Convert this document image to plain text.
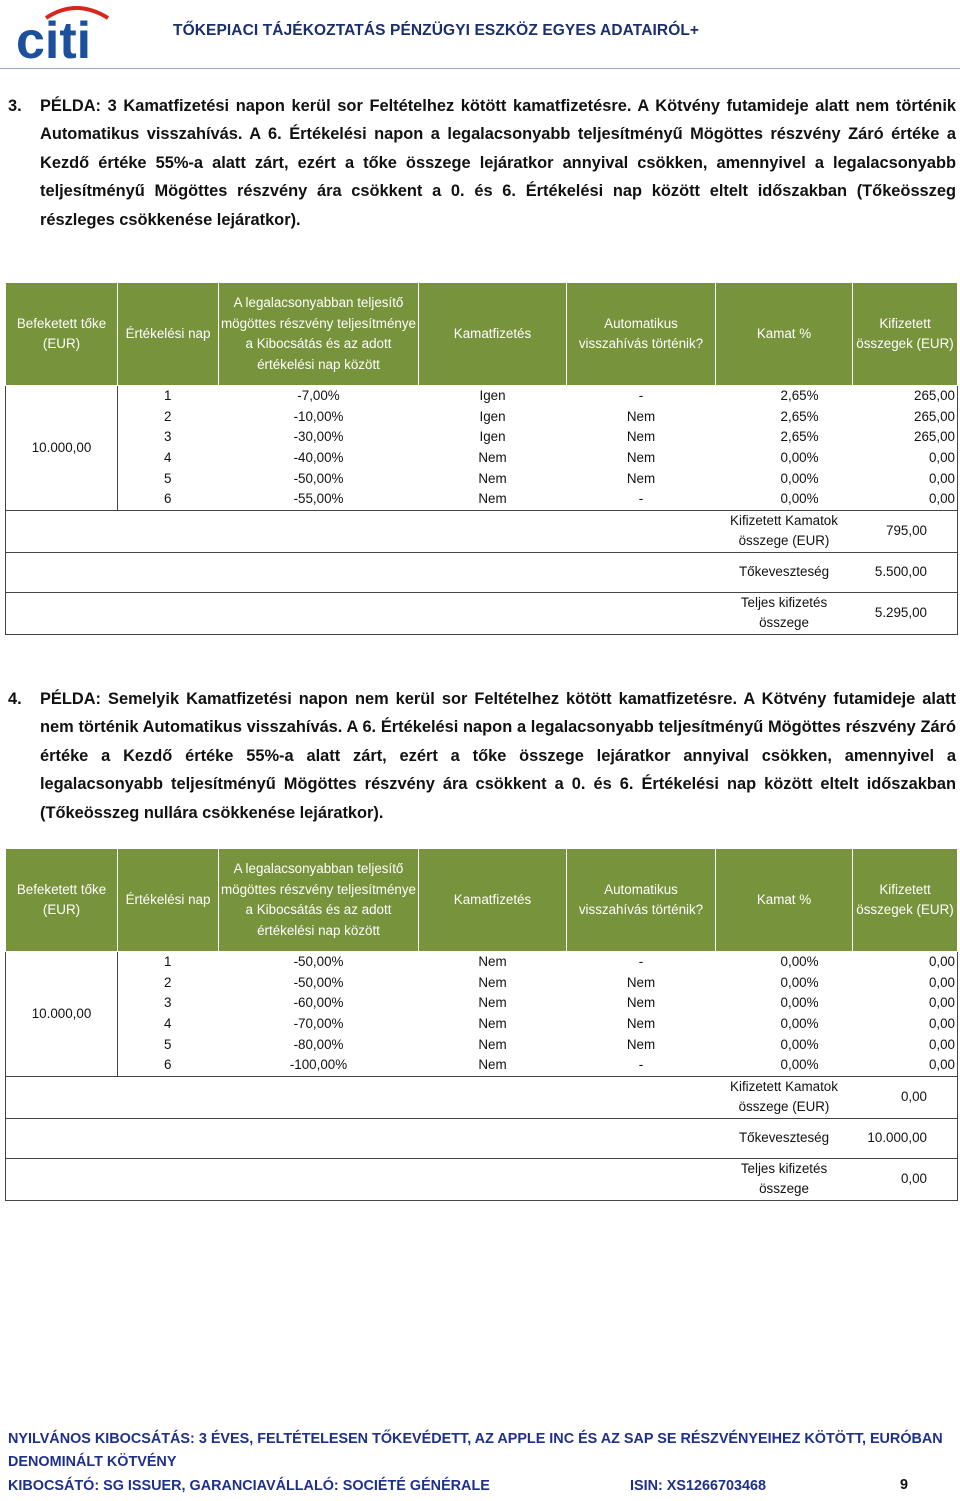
citi	TŐKEPIACI TÁJÉKOZTATÁS PÉNZÜGYI ESZKÖZ EGYES ADATAIRÓL+
3. PÉLDA: 3 Kamatfizetési napon kerül sor Feltételhez kötött kamatfizetésre. A Kötvény futamideje alatt nem történik Automatikus visszahívás. A 6. Értékelési napon a legalacsonyabb teljesítményű Mögöttes részvény Záró értéke a Kezdő értéke 55%-a alatt zárt, ezért a tőke összege lejáratkor annyival csökken, amennyivel a legalacsonyabb teljesítményű Mögöttes részvény ára csökkent a 0. és 6. Értékelési nap között eltelt időszakban (Tőkeösszeg részleges csökkenése lejáratkor).
Befeketett tőke (EUR)	Értékelési nap	A legalacsonyabban teljesítő mögöttes részvény teljesítménye a Kibocsátás és az adott értékelési nap között	Kamatfizetés	Automatikus visszahívás történik?	Kamat %	Kifizetett összegek (EUR)
10.000,00	1	-7,00%	Igen	-	2,65%	265,00
	2	-10,00%	Igen	Nem	2,65%	265,00
	3	-30,00%	Igen	Nem	2,65%	265,00
	4	-40,00%	Nem	Nem	0,00%	0,00
	5	-50,00%	Nem	Nem	0,00%	0,00
	6	-55,00%	Nem	-	0,00%	0,00
					Kifizetett Kamatok összege (EUR)	795,00
					Tőkeveszteség	5.500,00
					Teljes kifizetés összege	5.295,00
Befeketett tőke (EUR)	Értékelési nap	A legalacsonyabban teljesítő mögöttes részvény teljesítménye a Kibocsátás és az adott értékelési nap között	Kamatfizetés	Automatikus visszahívás történik?	Kamat %	Kifizetett összegek (EUR)
10.000,00	1	-50,00%	Nem	-	0,00%	0,00
	2	-50,00%	Nem	Nem	0,00%	0,00
	3	-60,00%	Nem	Nem	0,00%	0,00
	4	-70,00%	Nem	Nem	0,00%	0,00
	5	-80,00%	Nem	Nem	0,00%	0,00
	6	-100,00%	Nem	-	0,00%	0,00
					Kifizetett Kamatok összege (EUR)	0,00
					Tőkeveszteség	10.000,00
					Teljes kifizetés összege	0,00
4. PÉLDA: Semelyik Kamatfizetési napon nem kerül sor Feltételhez kötött kamatfizetésre. A Kötvény futamideje alatt nem történik Automatikus visszahívás. A 6. Értékelési napon a legalacsonyabb teljesítményű Mögöttes részvény Záró értéke a Kezdő értéke 55%-a alatt zárt, ezért a tőke összege lejáratkor annyival csökken, amennyivel a legalacsonyabb teljesítményű Mögöttes részvény ára csökkent a 0. és 6. Értékelési nap között eltelt időszakban (Tőkeösszeg nullára csökkenése lejáratkor).
NYILVÁNOS KIBOCSÁTÁS: 3 ÉVES, FELTÉTELESEN TŐKEVÉDETT, AZ APPLE INC ÉS AZ SAP SE RÉSZVÉNYEIHEZ KÖTÖTT, EURÓBAN DENOMINÁLT KÖTVÉNY
KIBOCSÁTÓ: SG ISSUER, GARANCIAVÁLLALÓ: SOCIÉTÉ GÉNÉRALE	ISIN: XS1266703468	9
